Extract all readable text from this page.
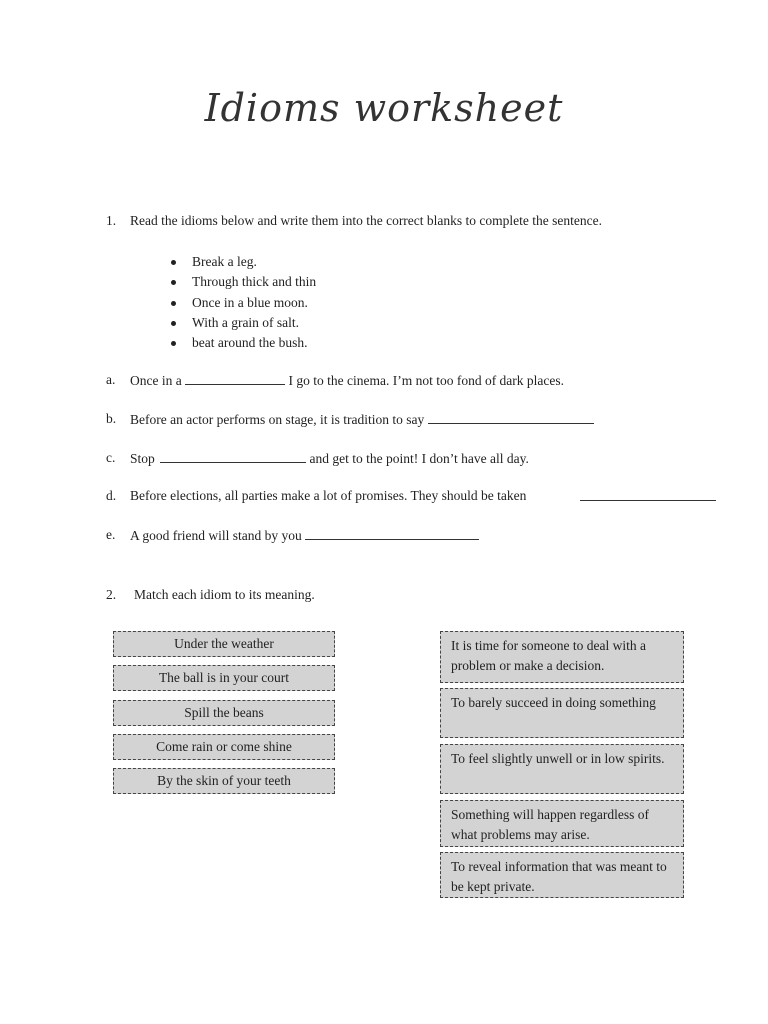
Idioms worksheet
1.	Read the idioms below and write them into the correct blanks to complete the sentence.
Break a leg.
Through thick and thin
Once in a blue moon.
With a grain of salt.
beat around the bush.
a.	Once in a	I go to the cinema. I’m not too fond of dark places.
b.	Before an actor performs on stage, it is tradition to say
c.	Stop	and get to the point! I don’t have all day.
d.	Before elections, all parties make a lot of promises. They should be taken
e.	A good friend will stand by you
2.	Match each idiom to its meaning.
Under the weather
The ball is in your court
Spill the beans
Come rain or come shine
By the skin of your teeth
It is time for someone to deal with a problem or make a decision.
To barely succeed in doing something
To feel slightly unwell or in low spirits.
Something will happen regardless of what problems may arise.
To reveal information that was meant to be kept private.
